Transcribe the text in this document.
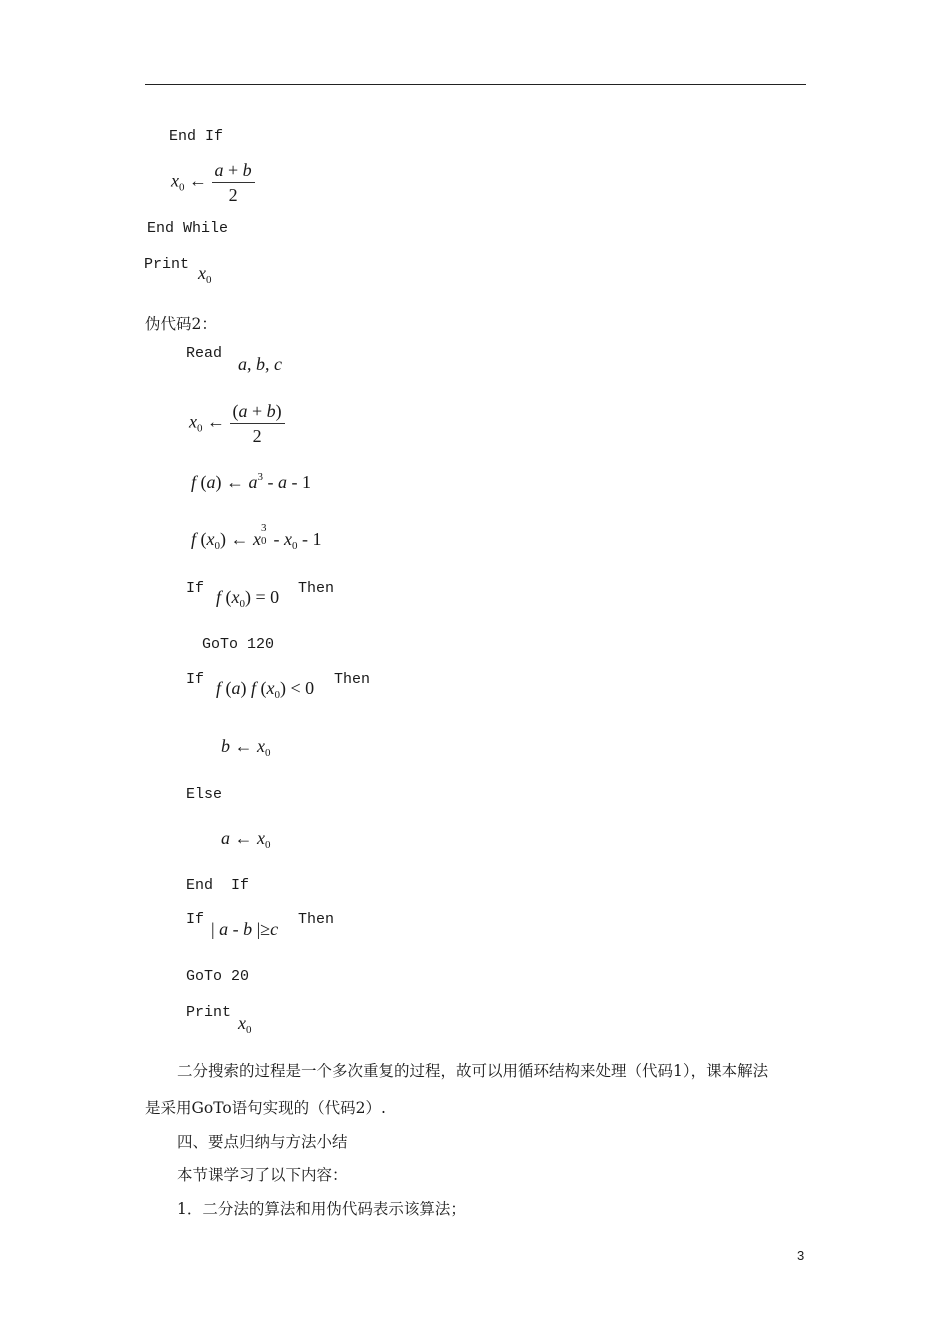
End If
$x_0$ ← $\frac{a + b}{2}$
End While
Print $x_0$
伪代码2：
Read
a, b, c
$x_0$ ← $\frac{(a + b)}{2}$
f (a) ← $a^3$ - a - 1
f $(x_0)$ ← x
3
$0 - x_0 - 1$
If f $(x_0) = 0$ Then
GoTo 120
If f (a) f $(x_0) < 0$ Then
b ← $x_0$
Else
a ← $x_0$
End  If
If | a - b |≥c Then
GoTo 20
Print
$x_0$
二分搜索的过程是一个多次重复的过程，故可以用循环结构来处理（代码1），课本解法
是采用GoTo语句实现的（代码2）.
四、要点归纳与方法小结
本节课学习了以下内容：
1．二分法的算法和用伪代码表示该算法；
3
